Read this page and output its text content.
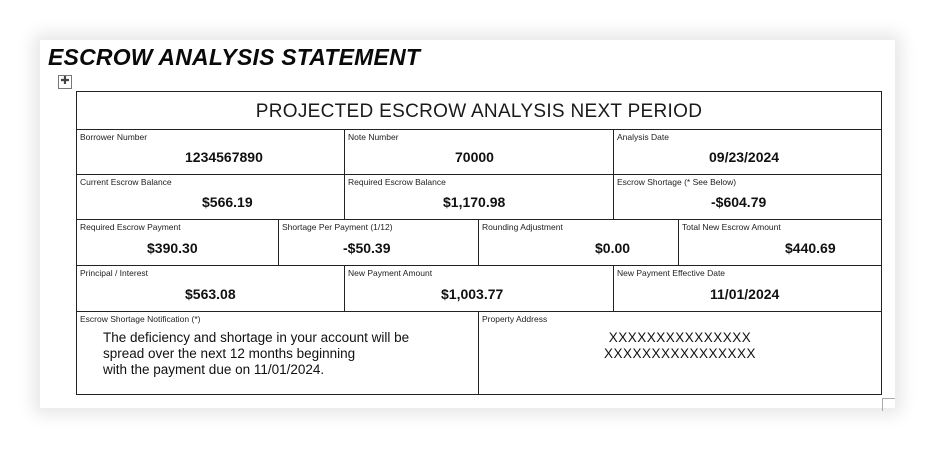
ESCROW ANALYSIS STATEMENT
✚
PROJECTED ESCROW ANALYSIS NEXT PERIOD
Borrower Number
1234567890
Note Number
70000
Analysis Date
09/23/2024
Current Escrow Balance
$566.19
Required Escrow Balance
$1,170.98
Escrow Shortage (* See Below)
-$604.79
Required Escrow Payment
$390.30
Shortage Per Payment (1/12)
-$50.39
Rounding Adjustment
$0.00
Total New Escrow Amount
$440.69
Principal / Interest
$563.08
New Payment Amount
$1,003.77
New Payment Effective Date
11/01/2024
Escrow Shortage Notification (*)
The deficiency and shortage in your account will be
spread over the next 12 months beginning
with the payment due on 11/01/2024.
Property Address
XXXXXXXXXXXXXXX
XXXXXXXXXXXXXXXX
